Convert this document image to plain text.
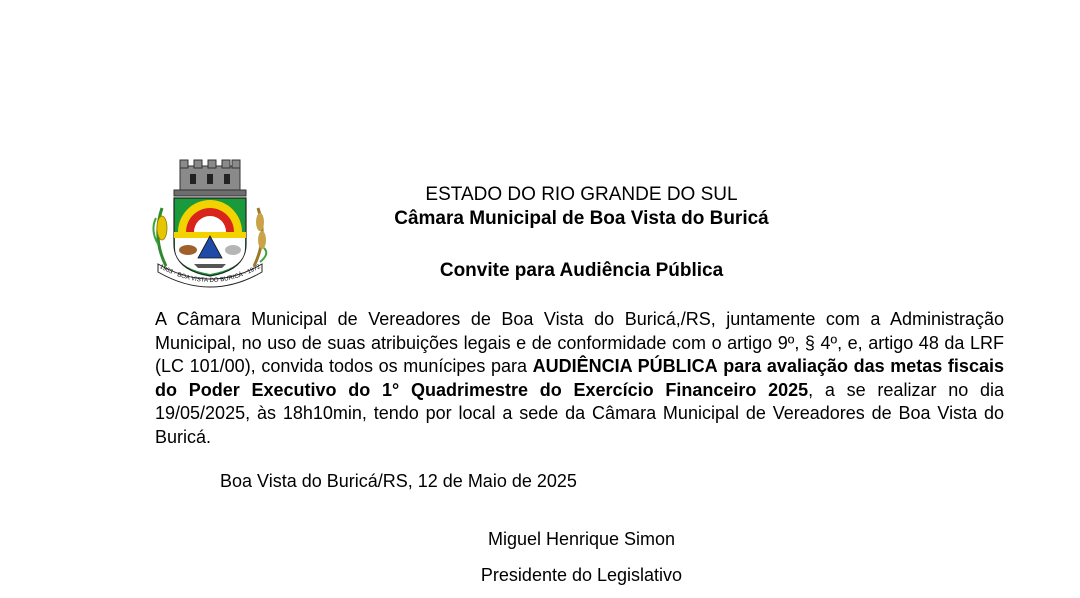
1963 · BOA VISTA DO BURICÁ · 1972
ESTADO DO RIO GRANDE DO SUL
Câmara Municipal de Boa Vista do Buricá
Convite para Audiência Pública
A Câmara Municipal de Vereadores de Boa Vista do Buricá,/RS, juntamente com a Administração Municipal, no uso de suas atribuições legais e de conformidade com o artigo 9º, § 4º, e, artigo 48 da LRF (LC 101/00), convida todos os munícipes para AUDIÊNCIA PÚBLICA para avaliação das metas fiscais do Poder Executivo do 1° Quadrimestre do Exercício Financeiro 2025, a se realizar no dia 19/05/2025, às 18h10min, tendo por local a sede da Câmara Municipal de Vereadores de Boa Vista do Buricá.
Boa Vista do Buricá/RS, 12 de Maio de 2025
Miguel Henrique Simon
Presidente do Legislativo
